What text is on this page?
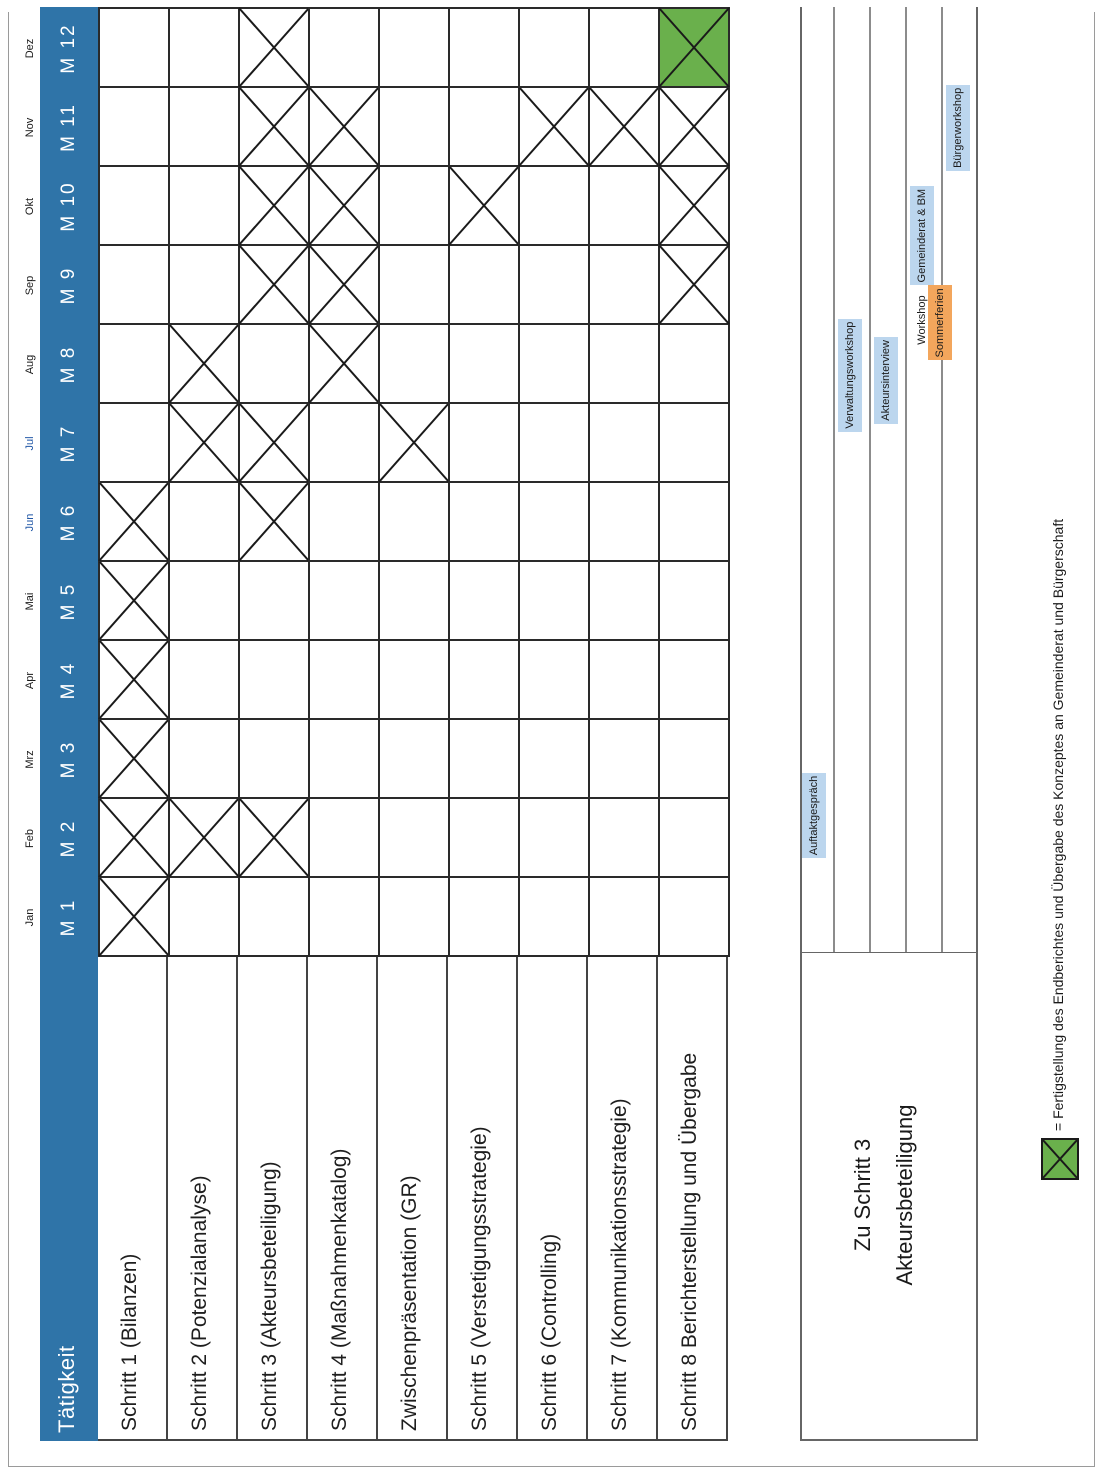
Jan
Feb
Mrz
Apr
Mai
Jun
Jul
Aug
Sep
Okt
Nov
Dez
Tätigkeit
M 1
M 2
M 3
M 4
M 5
M 6
M 7
M 8
M 9
M 10
M 11
M 12
Schritt 1 (Bilanzen) Schritt 2 (Potenzialanalyse) Schritt 3 (Akteursbeteiligung) Schritt 4 (Maßnahmenkatalog) Zwischenpräsentation (GR) Schritt 5 (Verstetigungsstrategie) Schritt 6 (Controlling) Schritt 7 (Kommunikationsstrategie) Schritt 8 Berichterstellung und Übergabe	Zu Schritt 3 Akteursbeteiligung
Auftaktgespräch
Verwaltungsworkshop	Akteursinterview
Workshop
Gemeinderat & BM
Sommerferien
Bürgerworkshop
= Fertigstellung des Endberichtes und Übergabe des Konzeptes an Gemeinderat und Bürgerschaft
